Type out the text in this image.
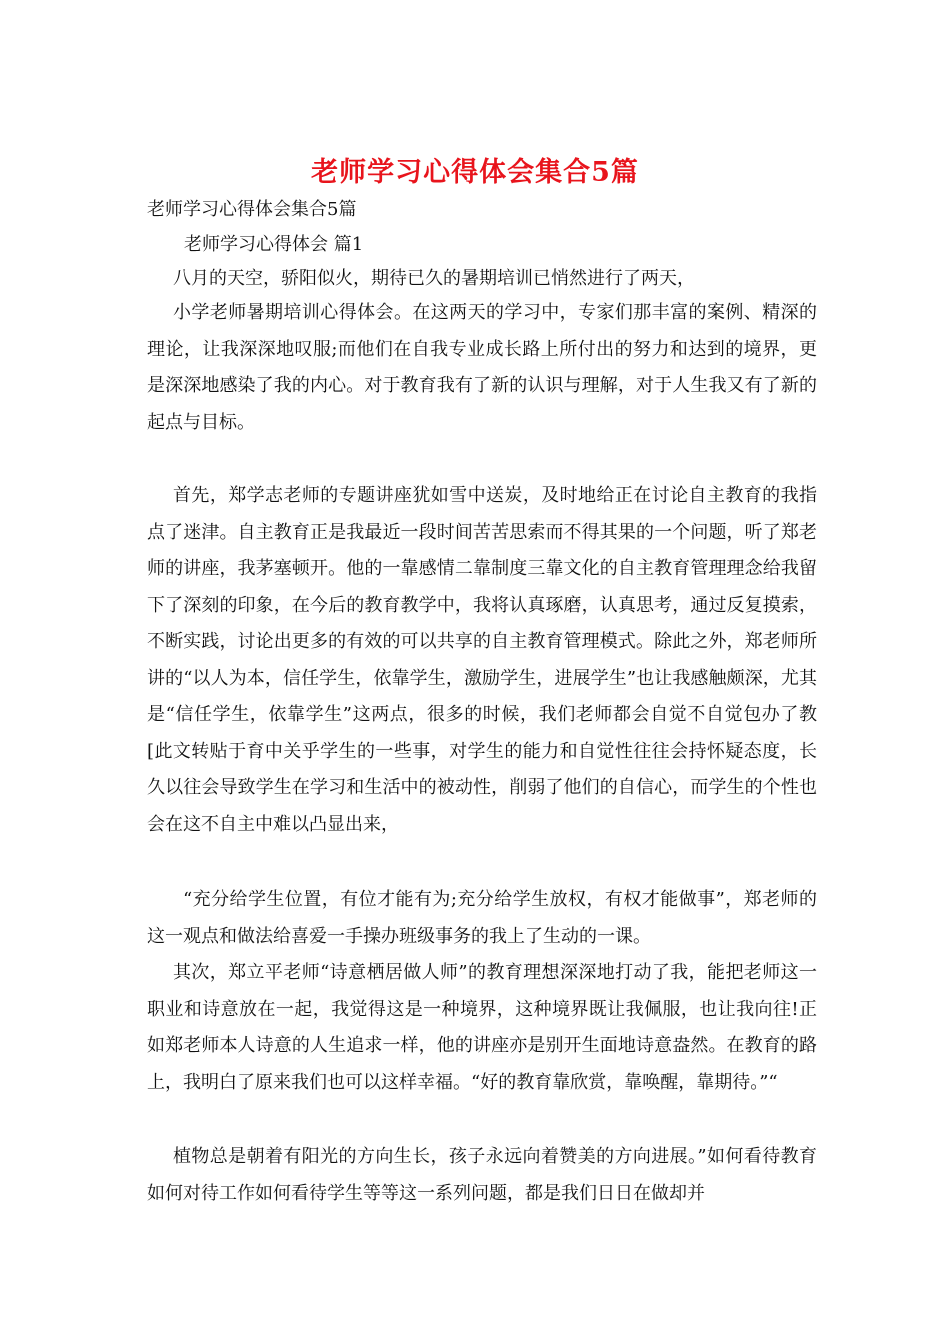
老师学习心得体会集合5篇
老师学习心得体会集合5篇
老师学习心得体会 篇1
八月的天空，骄阳似火，期待已久的暑期培训已悄然进行了两天，
小学老师暑期培训心得体会。在这两天的学习中，专家们那丰富的案例、精深的理论，让我深深地叹服;而他们在自我专业成长路上所付出的努力和达到的境界，更是深深地感染了我的内心。对于教育我有了新的认识与理解，对于人生我又有了新的起点与目标。
首先，郑学志老师的专题讲座犹如雪中送炭，及时地给正在讨论自主教育的我指点了迷津。自主教育正是我最近一段时间苦苦思索而不得其果的一个问题，听了郑老师的讲座，我茅塞顿开。他的一靠感情二靠制度三靠文化的自主教育管理理念给我留下了深刻的印象，在今后的教育教学中，我将认真琢磨，认真思考，通过反复摸索，不断实践，讨论出更多的有效的可以共享的自主教育管理模式。除此之外，郑老师所讲的“以人为本，信任学生，依靠学生，激励学生，进展学生”也让我感触颇深，尤其是“信任学生，依靠学生”这两点，很多的时候，我们老师都会自觉不自觉包办了教[此文转贴于育中关乎学生的一些事，对学生的能力和自觉性往往会持怀疑态度，长久以往会导致学生在学习和生活中的被动性，削弱了他们的自信心，而学生的个性也会在这不自主中难以凸显出来，
“充分给学生位置，有位才能有为;充分给学生放权，有权才能做事”，郑老师的这一观点和做法给喜爱一手操办班级事务的我上了生动的一课。
其次，郑立平老师“诗意栖居做人师”的教育理想深深地打动了我，能把老师这一职业和诗意放在一起，我觉得这是一种境界，这种境界既让我佩服，也让我向往!正如郑老师本人诗意的人生追求一样，他的讲座亦是别开生面地诗意盎然。在教育的路上，我明白了原来我们也可以这样幸福。“好的教育靠欣赏，靠唤醒，靠期待。”“
植物总是朝着有阳光的方向生长，孩子永远向着赞美的方向进展。”如何看待教育如何对待工作如何看待学生等等这一系列问题，都是我们日日在做却并
